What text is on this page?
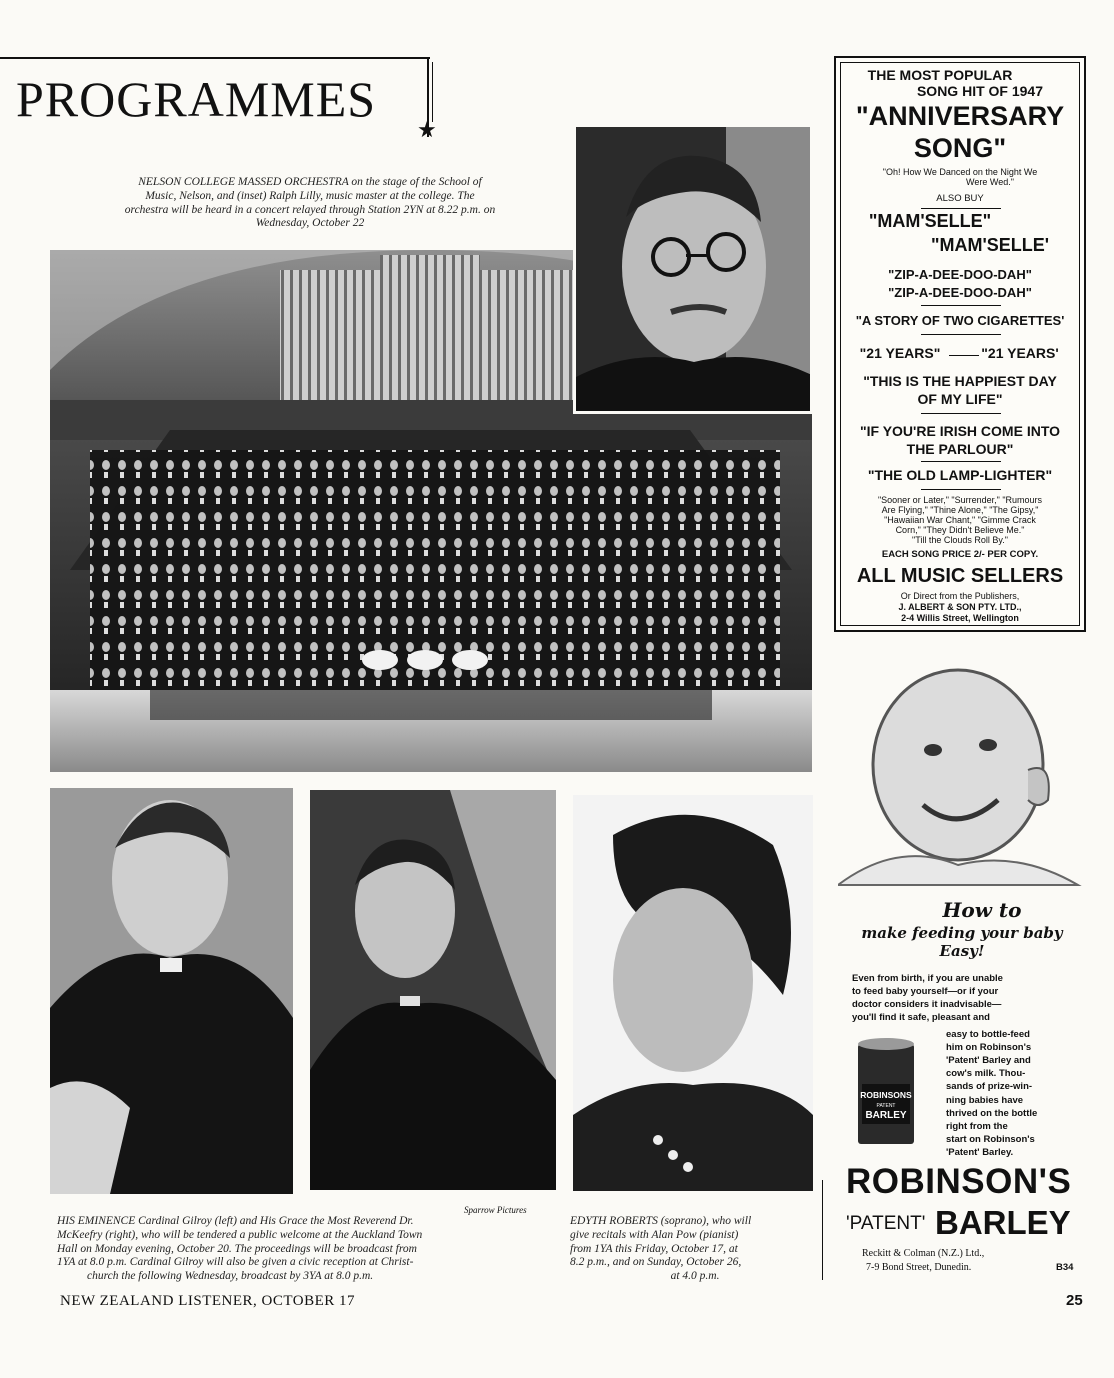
PROGRAMMES
★
NELSON COLLEGE MASSED ORCHESTRA on the stage of the School of
Music, Nelson, and (inset) Ralph Lilly, music master at the college. The
orchestra will be heard in a concert relayed through Station 2YN at 8.22 p.m. on
Wednesday, October 22
Sparrow Pictures
HIS EMINENCE Cardinal Gilroy (left) and His Grace the Most Reverend Dr.
McKeefry (right), who will be tendered a public welcome at the Auckland Town
Hall on Monday evening, October 20. The proceedings will be broadcast from
1YA at 8.0 p.m. Cardinal Gilroy will also be given a civic reception at Christ-
church the following Wednesday, broadcast by 3YA at 8.0 p.m.
EDYTH ROBERTS (soprano), who will
give recitals with Alan Pow (pianist)
from 1YA this Friday, October 17, at
8.2 p.m., and on Sunday, October 26,
at 4.0 p.m.
NEW ZEALAND LISTENER, OCTOBER 17	25
THE MOST POPULAR
SONG HIT OF 1947
"ANNIVERSARY
SONG"
"Oh! How We Danced on the Night We
Were Wed."
ALSO BUY
"MAM'SELLE"
"MAM'SELLE'
"ZIP-A-DEE-DOO-DAH"
"ZIP-A-DEE-DOO-DAH"
"A STORY OF TWO CIGARETTES'
"21 YEARS"	"21 YEARS'
"THIS IS THE HAPPIEST DAY
OF MY LIFE"
"IF YOU'RE IRISH COME INTO
THE PARLOUR"
"THE OLD LAMP-LIGHTER"
"Sooner or Later," "Surrender," "Rumours
Are Flying," "Thine Alone," "The Gipsy,"
"Hawaiian War Chant," "Gimme Crack
Corn," "They Didn't Believe Me."
"Till the Clouds Roll By."
EACH SONG PRICE 2/- PER COPY.
ALL MUSIC SELLERS
Or Direct from the Publishers,
J. ALBERT & SON PTY. LTD.,
2-4 Willis Street, Wellington
How to
make feeding your baby Easy!
Even from birth, if you are unable
to feed baby yourself—or if your
doctor considers it inadvisable—
you'll find it safe, pleasant and
easy to bottle-feed
him on Robinson's
'Patent' Barley and
cow's milk. Thou-
sands of prize-win-
ning babies have
thrived on the bottle
right from the
start on Robinson's
'Patent' Barley.
ROBINSONS
PATENT
BARLEY
ROBINSON'S
'PATENT' BARLEY
Reckitt & Colman (N.Z.) Ltd.,
7-9 Bond Street, Dunedin.	B34
